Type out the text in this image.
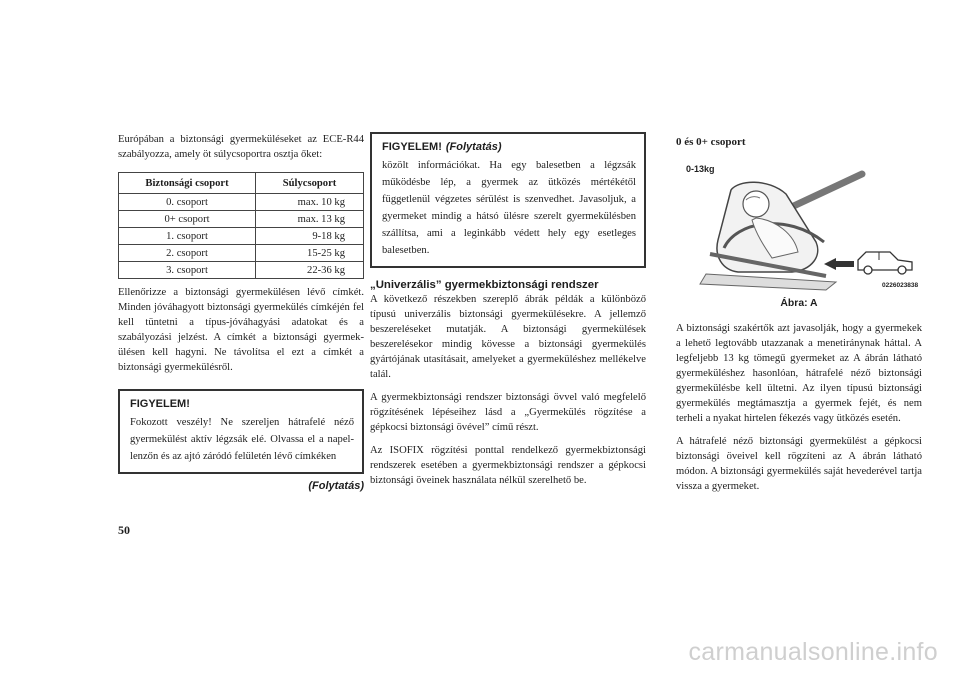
Európában a biztonsági gyermeküléseket az ECE-R44 szabályozza, amely öt súlycsoportra osztja őket:

Biztonsági csoport	Súlycsoport
0. csoport	max. 10 kg
0+ csoport	max. 13 kg
1. csoport	9-18 kg
2. csoport	15-25 kg
3. csoport	22-36 kg

Ellenőrizze a biztonsági gyermekülésen lévő címkét. Minden jóváhagyott biztonsági gyermekülés címkéjén fel kell tüntetni a típus-jóváhagyási adatokat és a szabályozási jelzést. A címkét a biztonsági gyermekülésen kell hagyni. Ne távolítsa el ezt a címkét a biztonsági gyermekülésről.

FIGYELEM!
Fokozott veszély! Ne szereljen hátrafelé néző gyermekülést aktív légzsák elé. Olvassa el a napellenzőn és az ajtó záródó felületén lévő címkéken
(Folytatás)
FIGYELEM! (Folytatás)
közölt információkat. Ha egy balesetben a légzsák működésbe lép, a gyermek az ütközés mértékétől függetlenül végzetes sérülést is szenvedhet. Javasoljuk, a gyermeket mindig a hátsó ülésre szerelt gyermekülésben szállítsa, ami a leginkább védett hely egy esetleges balesetben.
„Univerzális” gyermekbiztonsági rendszer

A következő részekben szereplő ábrák példák a különböző típusú univerzális biztonsági gyermekülésekre. A jellemző beszereléseket mutatják. A biztonsági gyermekülések beszerelésekor mindig kövesse a biztonsági gyermekülés gyártójának utasításait, amelyeket a gyermeküléshez mellékelve talál.

A gyermekbiztonsági rendszer biztonsági övvel való megfelelő rögzítésének lépéseihez lásd a „Gyermekülés rögzítése a gépkocsi biztonsági övével” című részt.

Az ISOFIX rögzítési ponttal rendelkező gyermekbiztonsági rendszerek esetében a gyermekbiztonsági rendszer a gépkocsi biztonsági öveinek használata nélkül szerelhető be.

0 és 0+ csoport
0-13kg
0226023838
Ábra: A

A biztonsági szakértők azt javasolják, hogy a gyermekek a lehető legtovább utazzanak a menetiránynak háttal. A legfeljebb 13 kg tömegű gyermeket az A ábrán látható gyermeküléshez hasonlóan, hátrafelé néző biztonsági gyermekülésbe kell ültetni. Az ilyen típusú biztonsági gyermekülés megtámasztja a gyermek fejét, és nem terheli a nyakat hirtelen fékezés vagy ütközés esetén.

A hátrafelé néző biztonsági gyermekülést a gépkocsi biztonsági öveivel kell rögzíteni az A ábrán látható módon. A biztonsági gyermekülés saját hevederével tartja vissza a gyermeket.

50
carmanualsonline.info
